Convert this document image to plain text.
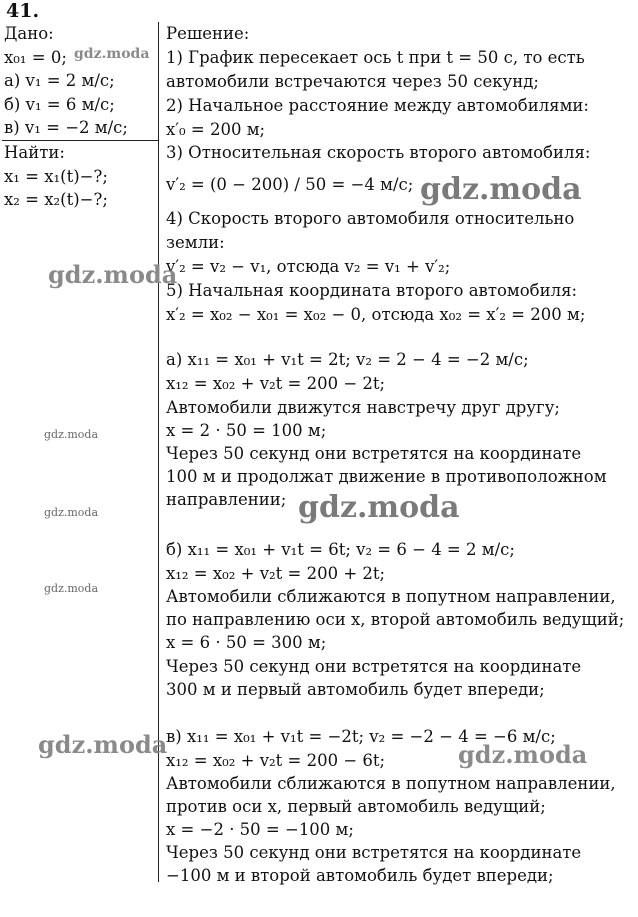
41.
Дано:
x₀₁ = 0;
а) v₁ = 2 м/с;
б) v₁ = 6 м/с;
в) v₁ = −2 м/с;
Найти:
x₁ = x₁(t)−?;
x₂ = x₂(t)−?;
Решение:
1) График пересекает ось t при t = 50 с, то есть
автомобили встречаются через 50 секунд;
2) Начальное расстояние между автомобилями:
x′₀ = 200 м;
3) Относительная скорость второго автомобиля:
v′₂ = (0 − 200) / 50 = −4 м/с;
4) Скорость второго автомобиля относительно
земли:
v′₂ = v₂ − v₁, отсюда v₂ = v₁ + v′₂;
5) Начальная координата второго автомобиля:
x′₂ = x₀₂ − x₀₁ = x₀₂ − 0, отсюда x₀₂ = x′₂ = 200 м;
а) x₁₁ = x₀₁ + v₁t = 2t; v₂ = 2 − 4 = −2 м/с;
x₁₂ = x₀₂ + v₂t = 200 − 2t;
Автомобили движутся навстречу друг другу;
x = 2 · 50 = 100 м;
Через 50 секунд они встретятся на координате
100 м и продолжат движение в противоположном
направлении;
б) x₁₁ = x₀₁ + v₁t = 6t; v₂ = 6 − 4 = 2 м/с;
x₁₂ = x₀₂ + v₂t = 200 + 2t;
Автомобили сближаются в попутном направлении,
по направлению оси x, второй автомобиль ведущий;
x = 6 · 50 = 300 м;
Через 50 секунд они встретятся на координате
300 м и первый автомобиль будет впереди;
в) x₁₁ = x₀₁ + v₁t = −2t; v₂ = −2 − 4 = −6 м/с;
x₁₂ = x₀₂ + v₂t = 200 − 6t;
Автомобили сближаются в попутном направлении,
против оси x, первый автомобиль ведущий;
x = −2 · 50 = −100 м;
Через 50 секунд они встретятся на координате
−100 м и второй автомобиль будет впереди;
gdz.moda
gdz.moda
gdz.moda
gdz.moda
gdz.moda
gdz.moda
gdz.moda
gdz.moda	gdz.moda
